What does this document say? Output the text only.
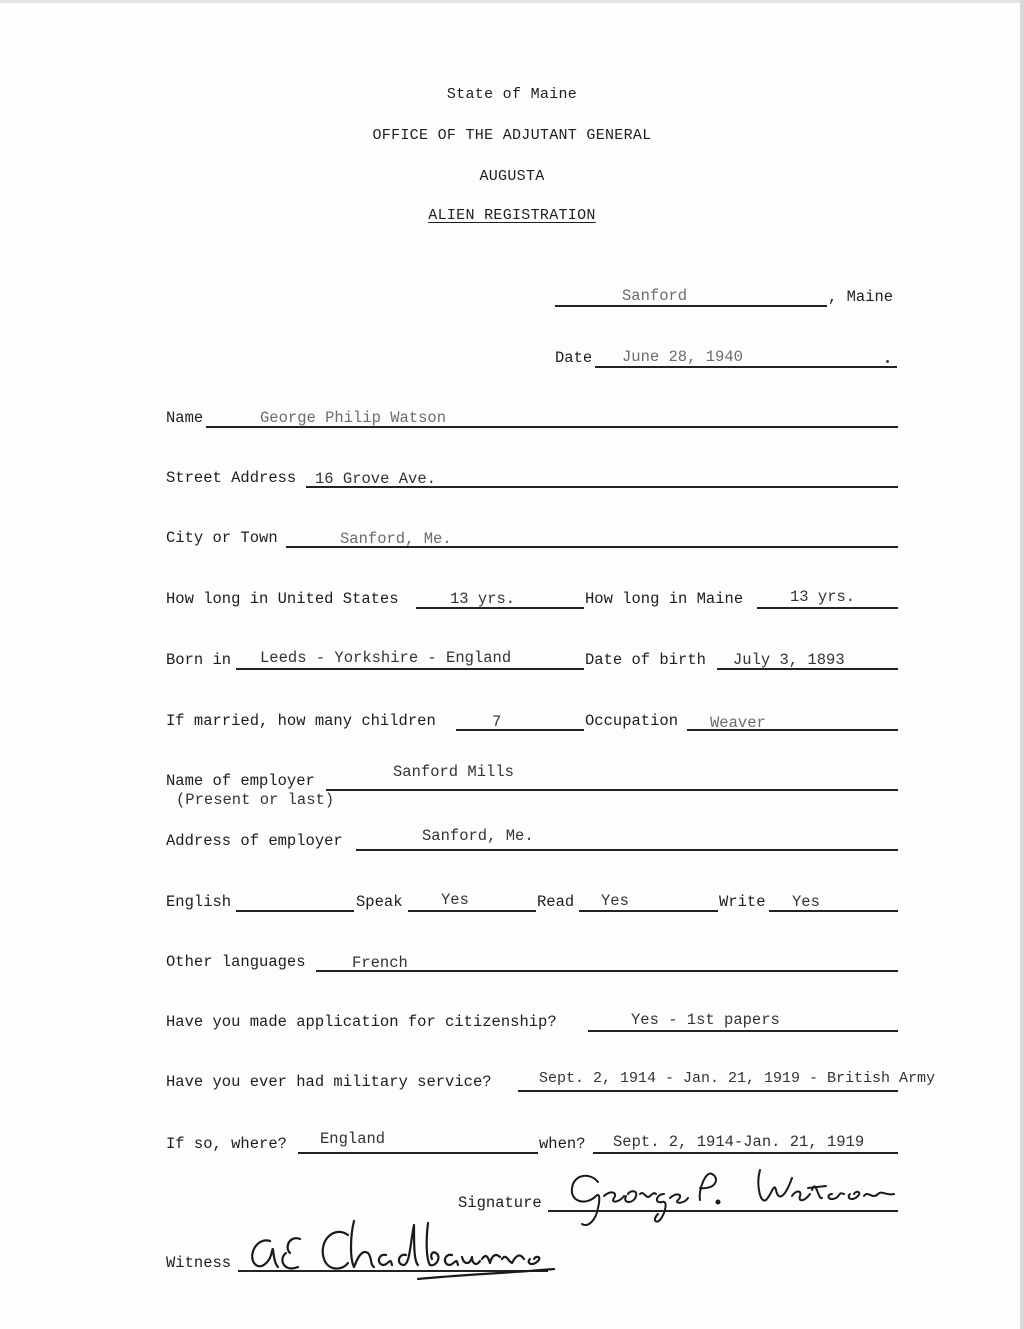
State of Maine
OFFICE OF THE ADJUTANT GENERAL
AUGUSTA
ALIEN REGISTRATION
Sanford	, Maine
Date June 28, 1940
Name	George Philip Watson
Street Address 16 Grove Ave.
City or Town	Sanford, Me.
How long in United States	13 yrs.	How long in Maine	13 yrs.
Born in Leeds - Yorkshire - England	Date of birth July 3, 1893
If married, how many children	7	Occupation Weaver
Name of employer
(Present or last)
Sanford Mills
Address of employer	Sanford, Me.
English	Speak Yes	Read Yes	Write Yes
Other languages	French
Have you made application for citizenship?	Yes - 1st papers
Have you ever had military service?	Sept. 2, 1914 - Jan. 21, 1919 - British Army
If so, where? England	when? Sept. 2, 1914-Jan. 21, 1919
Signature
Witness
